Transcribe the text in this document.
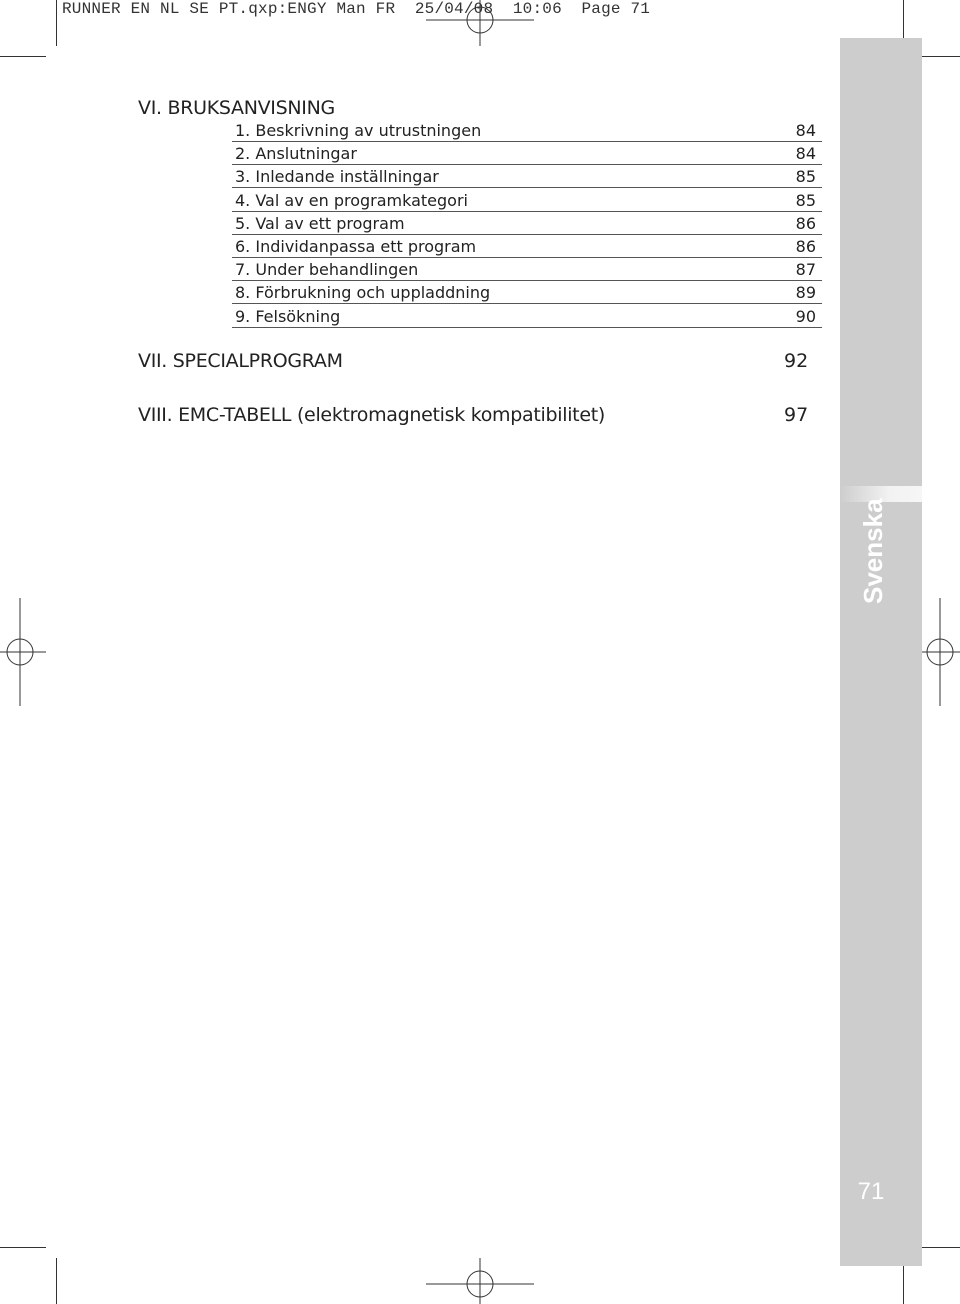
RUNNER EN NL SE PT.qxp:ENGY Man FR  25/04/08  10:06  Page 71
Svenska
71
VI. BRUKSANVISNING
1. Beskrivning av utrustningen	84
2. Anslutningar	84
3. Inledande inställningar	85
4. Val av en programkategori	85
5. Val av ett program	86
6. Individanpassa ett program	86
7. Under behandlingen	87
8. Förbrukning och uppladdning	89
9. Felsökning	90
VII. SPECIALPROGRAM	92
VIII. EMC-TABELL (elektromagnetisk kompatibilitet)	97
